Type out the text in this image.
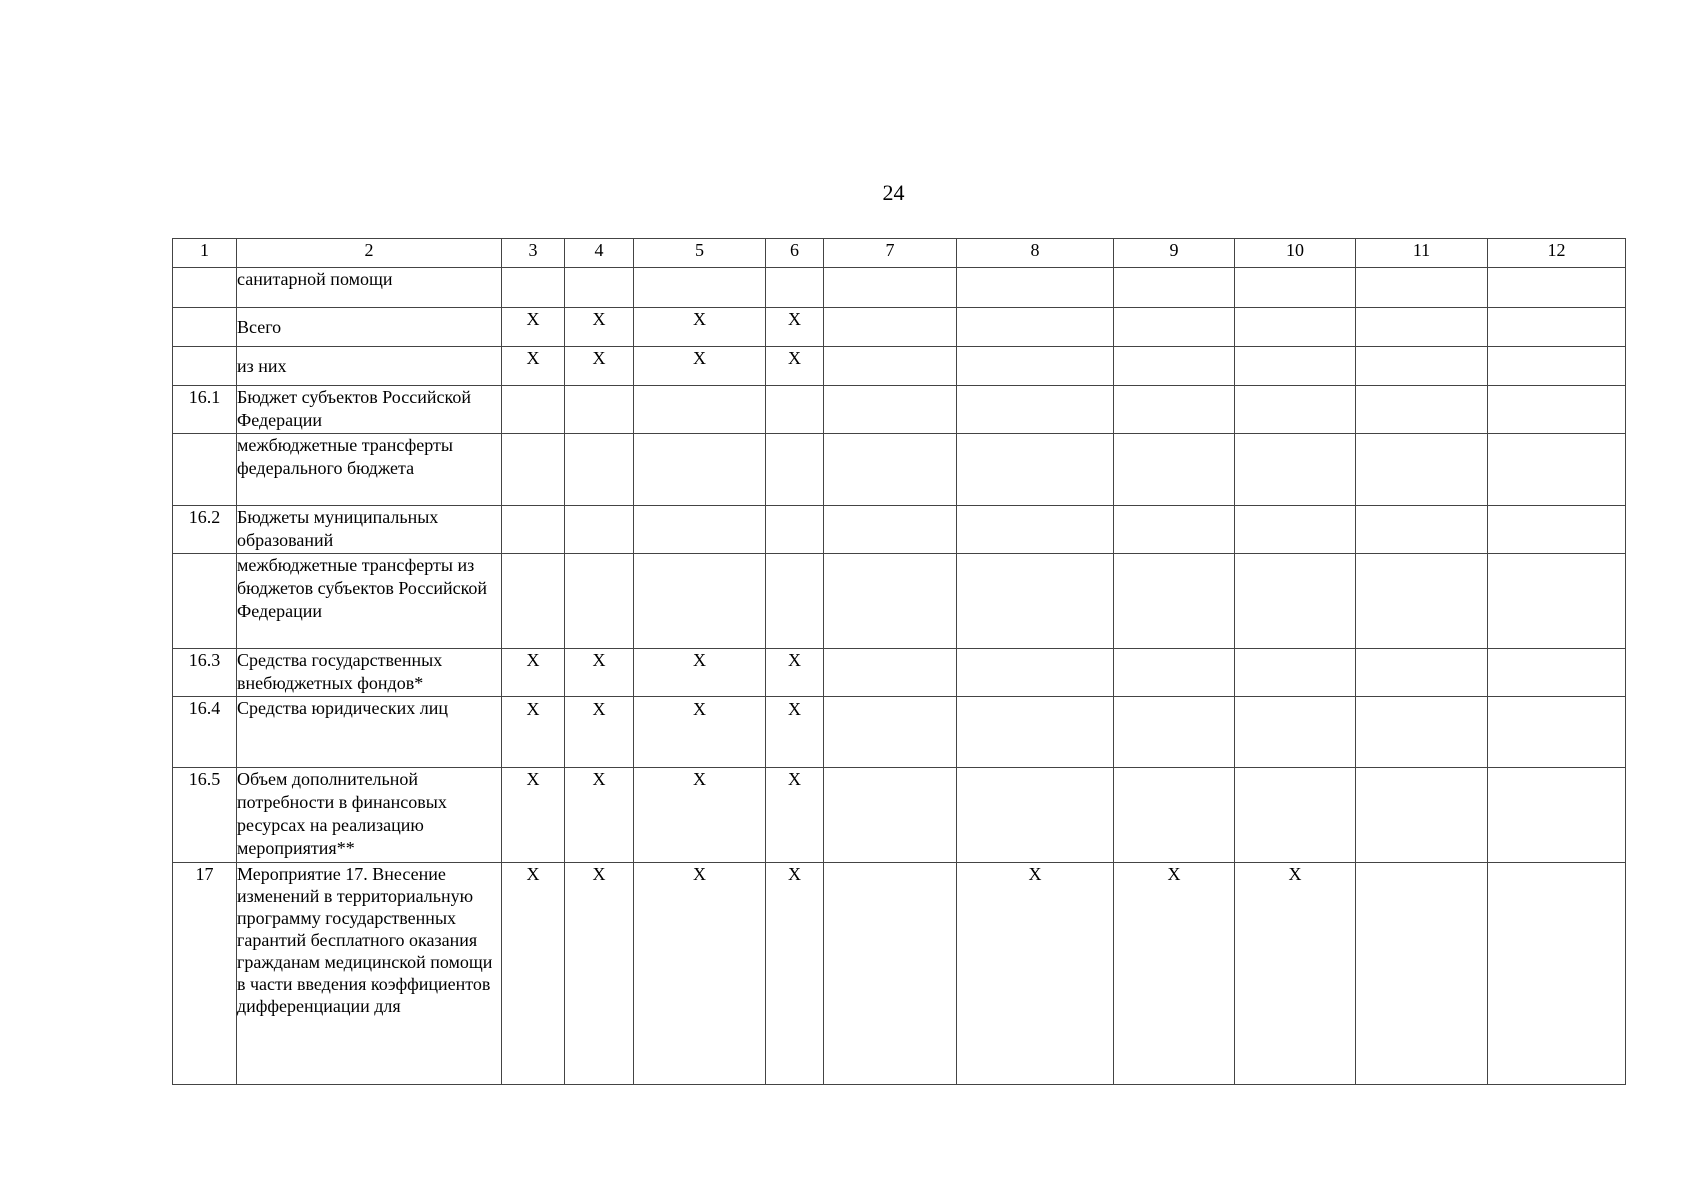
24
1	2	3	4	5	6	7	8	9	10	11	12
	санитарной помощи										
	Всего	X	X	X	X						
	из них	X	X	X	X						
16.1	Бюджет субъектов Российской Федерации										
	межбюджетные трансферты федерального бюджета										
16.2	Бюджеты муниципальных образований										
	межбюджетные трансферты из бюджетов субъектов Российской Федерации										
16.3	Средства государственных внебюджетных фондов*	X	X	X	X						
16.4	Средства юридических лиц	X	X	X	X						
16.5	Объем дополнительной потребности в финансовых ресурсах на реализацию мероприятия**	X	X	X	X						
17	Мероприятие 17. Внесение изменений в территориальную программу государственных гарантий бесплатного оказания гражданам медицинской помощи в части введения коэффициентов дифференциации для	X	X	X	X		X	X	X		
